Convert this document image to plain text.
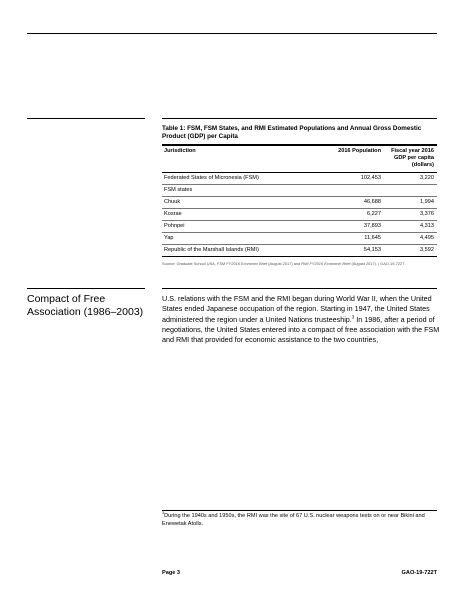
Table 1: FSM, FSM States, and RMI Estimated Populations and Annual Gross Domestic Product (GDP) per Capita
Jurisdiction	2016 Population	Fiscal year 2016 GDP per capita (dollars)
Federated States of Micronesia (FSM)	102,453	3,220
FSM states		
Chuuk	46,688	1,994
Kosrae	6,227	3,376
Pohnpei	37,893	4,313
Yap	11,645	4,495
Republic of the Marshall Islands (RMI)	54,153	3,592
Source: Graduate School USA, FSM FY2016 Economic Brief (August 2017) and RMI FY2016 Economic Brief (August 2017). | GAO-19-722T
Compact of Free Association (1986–2003)
U.S. relations with the FSM and the RMI began during World War II, when the United States ended Japanese occupation of the region. Starting in 1947, the United States administered the region under a United Nations trusteeship.$^3$ In 1986, after a period of negotiations, the United States entered into a compact of free association with the FSM and RMI that provided for economic assistance to the two countries,
$^3$During the 1940s and 1950s, the RMI was the site of 67 U.S. nuclear weapons tests on or near Bikini and Enewetak Atolls.
Page 3	GAO-19-722T
